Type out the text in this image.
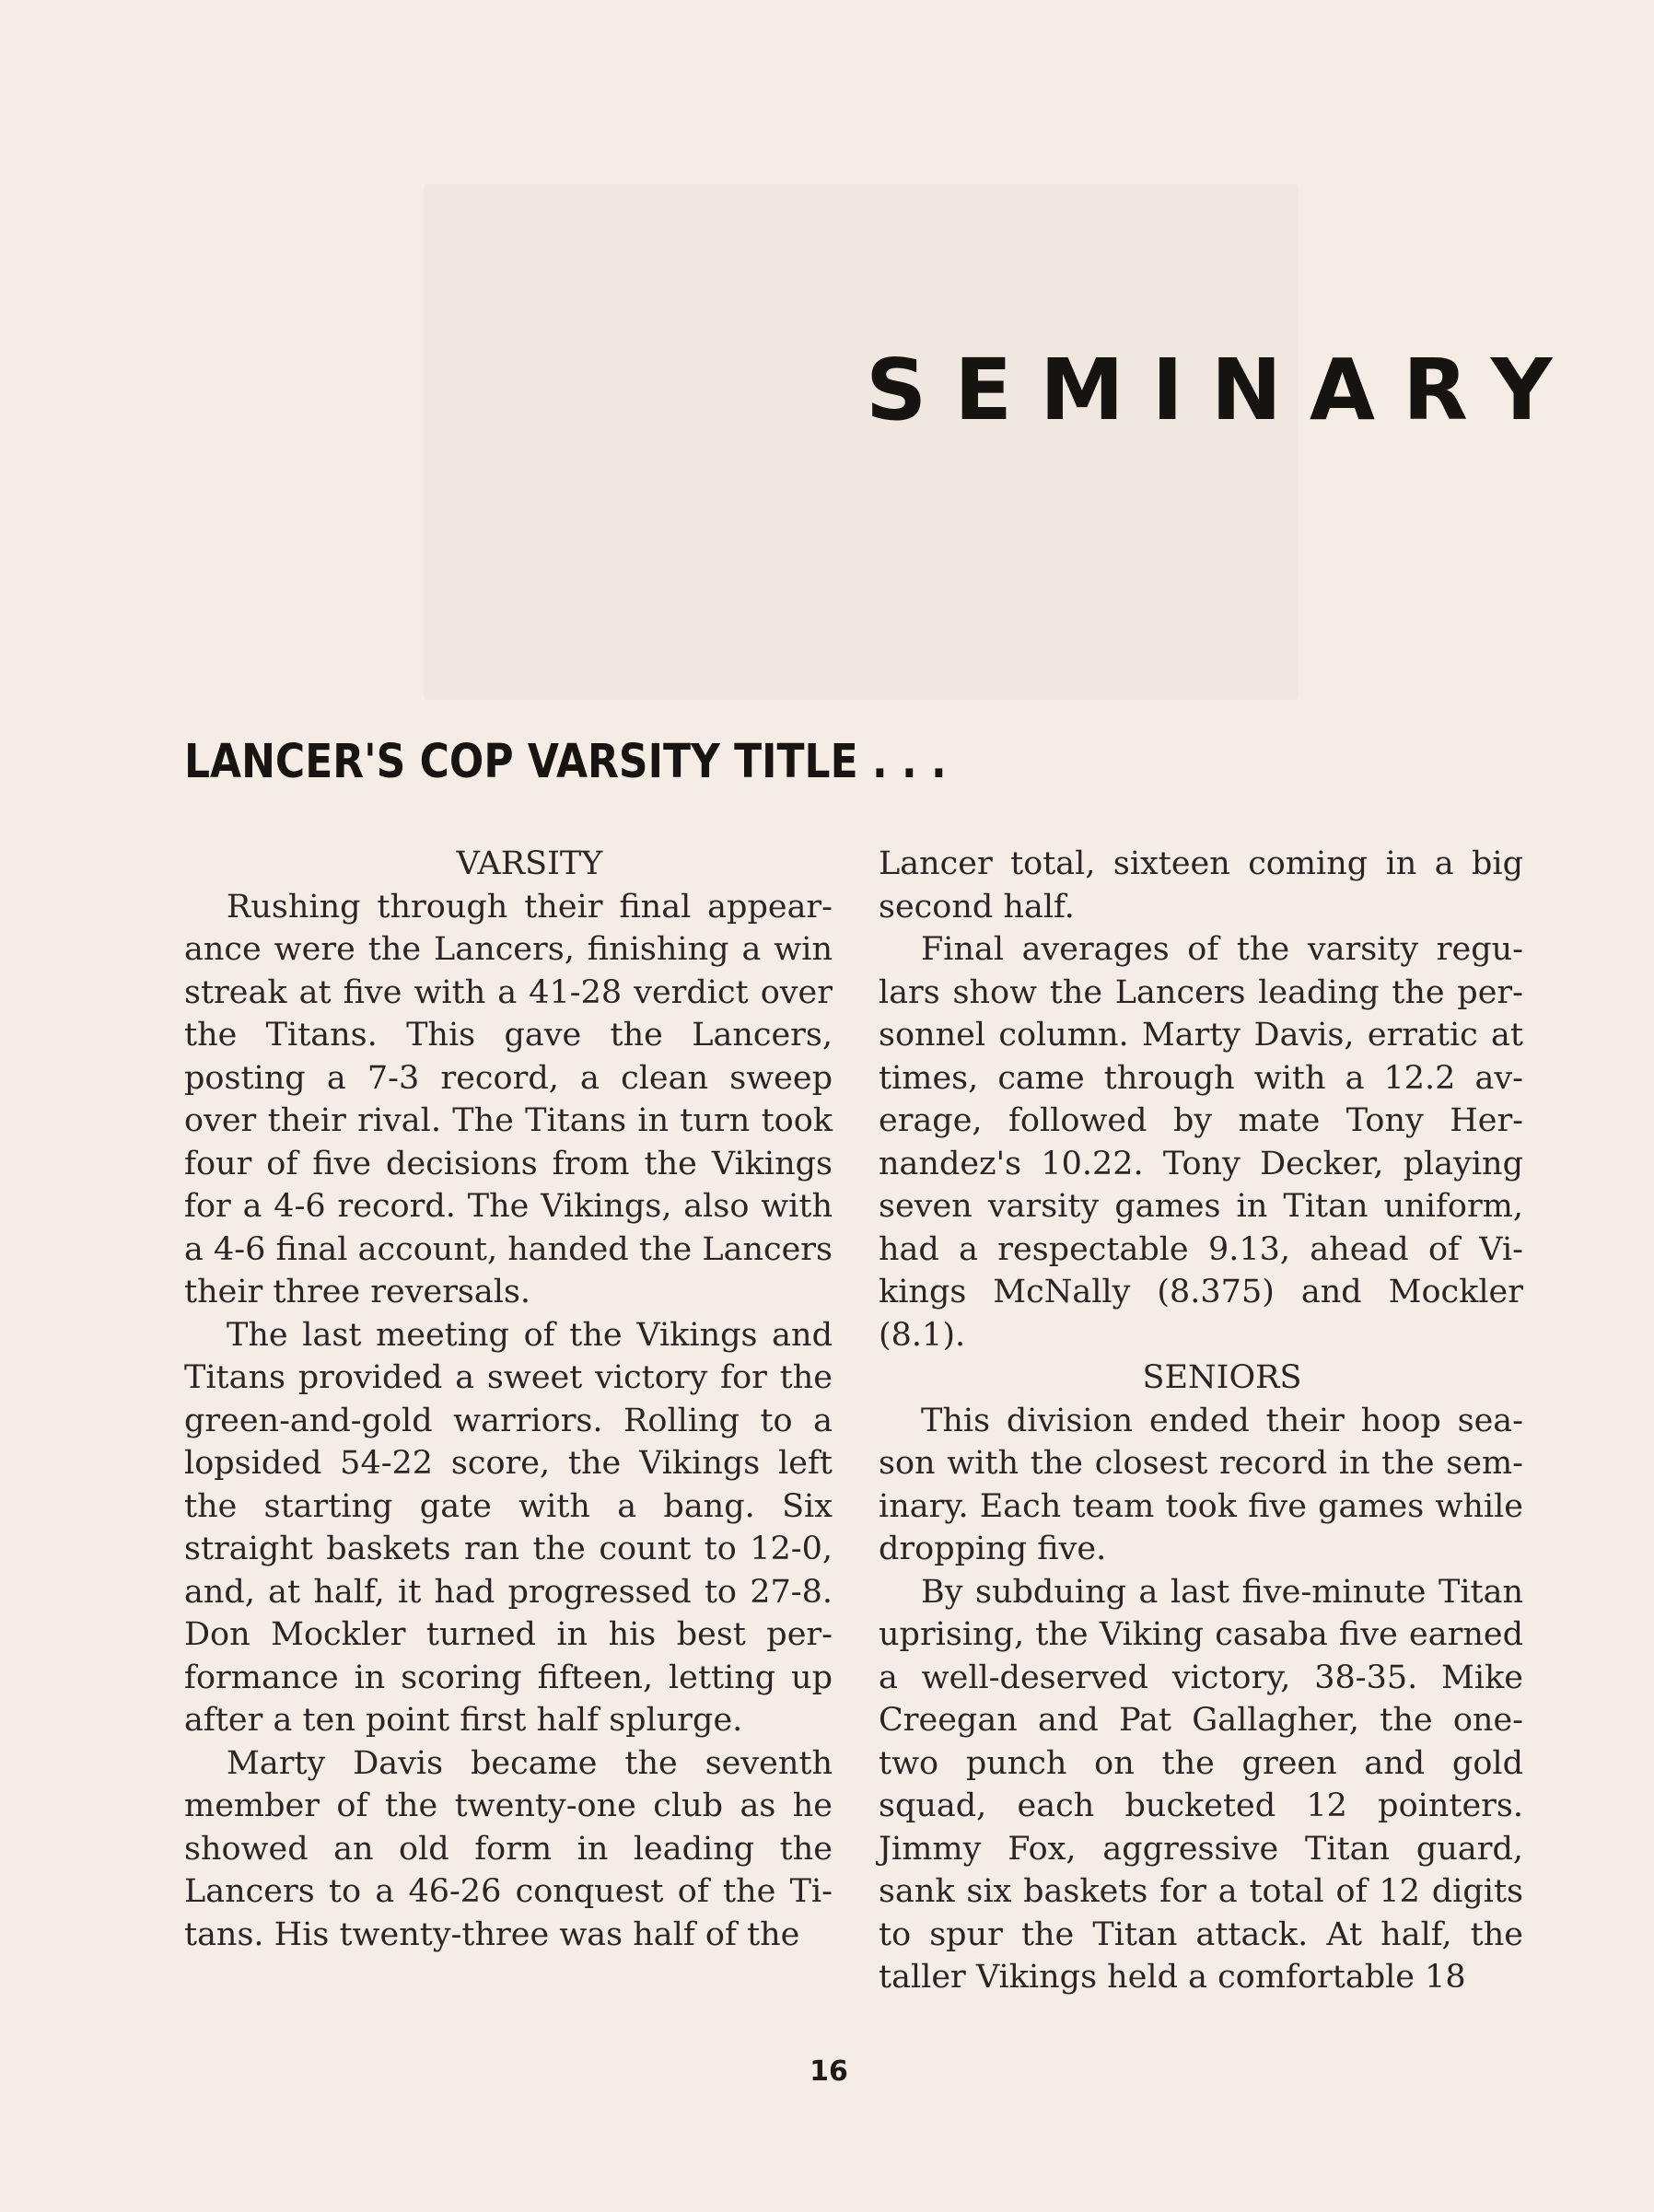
SEMINARY
LANCER'S COP VARSITY TITLE . . .

VARSITY

Rushing through their final appearance were the Lancers, finishing a win streak at five with a 41-28 verdict over the Titans. This gave the Lancers, posting a 7-3 record, a clean sweep over their rival. The Titans in turn took four of five decisions from the Vikings for a 4-6 record. The Vikings, also with a 4-6 final account, handed the Lancers their three reversals.

The last meeting of the Vikings and Titans provided a sweet victory for the green-and-gold warriors. Rolling to a lopsided 54-22 score, the Vikings left the starting gate with a bang. Six straight baskets ran the count to 12-0, and, at half, it had progressed to 27-8. Don Mockler turned in his best performance in scoring fifteen, letting up after a ten point first half splurge.

Marty Davis became the seventh member of the twenty-one club as he showed an old form in leading the Lancers to a 46-26 conquest of the Titans. His twenty-three was half of the

Lancer total, sixteen coming in a big second half.

Final averages of the varsity regulars show the Lancers leading the personnel column. Marty Davis, erratic at times, came through with a 12.2 average, followed by mate Tony Hernandez's 10.22. Tony Decker, playing seven varsity games in Titan uniform, had a respectable 9.13, ahead of Vikings McNally (8.375) and Mockler (8.1).

SENIORS

This division ended their hoop season with the closest record in the seminary. Each team took five games while dropping five.

By subduing a last five-minute Titan uprising, the Viking casaba five earned a well-deserved victory, 38-35. Mike Creegan and Pat Gallagher, the one-two punch on the green and gold squad, each bucketed 12 pointers. Jimmy Fox, aggressive Titan guard, sank six baskets for a total of 12 digits to spur the Titan attack. At half, the taller Vikings held a comfortable 18

16
